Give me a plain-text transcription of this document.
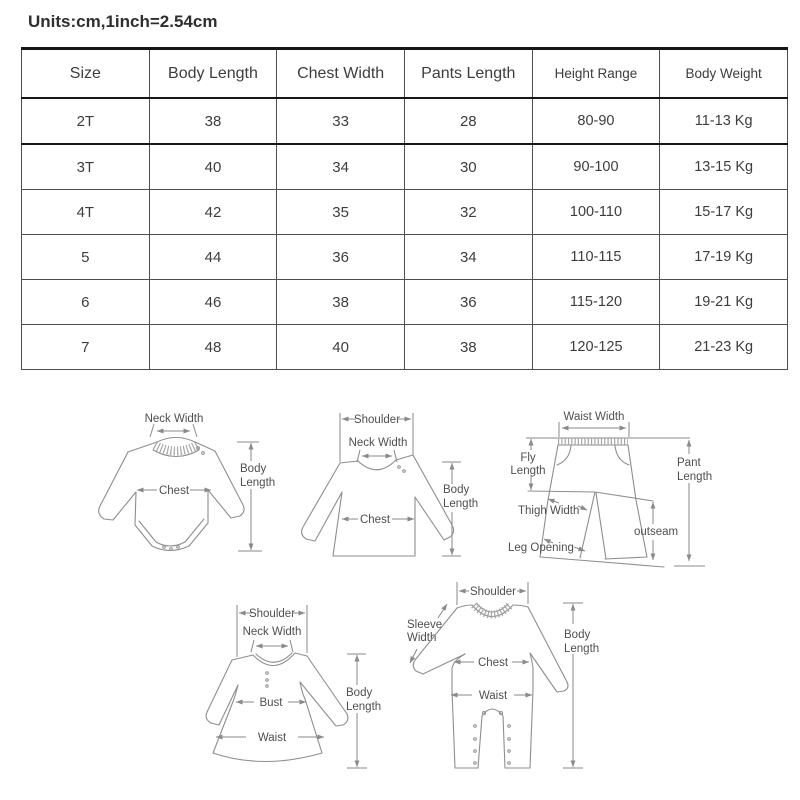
Units:cm,1inch=2.54cm
Size	Body Length	Chest Width	Pants Length	Height Range	Body Weight
2T	38	33	28	80-90	11-13 Kg
3T	40	34	30	90-100	13-15 Kg
4T	42	35	32	100-110	15-17 Kg
5	44	36	34	110-115	17-19 Kg
6	46	38	36	115-120	19-21 Kg
7	48	40	38	120-125	21-23 Kg
Neck Width
Chest
Body
Length
Shoulder
Neck Width
Chest
Body
Length
Waist Width
Fly
Length
Thigh Width
Leg Opening
outseam
Pant
Length
Shoulder
Neck Width
Bust
Waist
Body
Length
Shoulder
Sleeve
Width
Chest
Waist
Body
Length
